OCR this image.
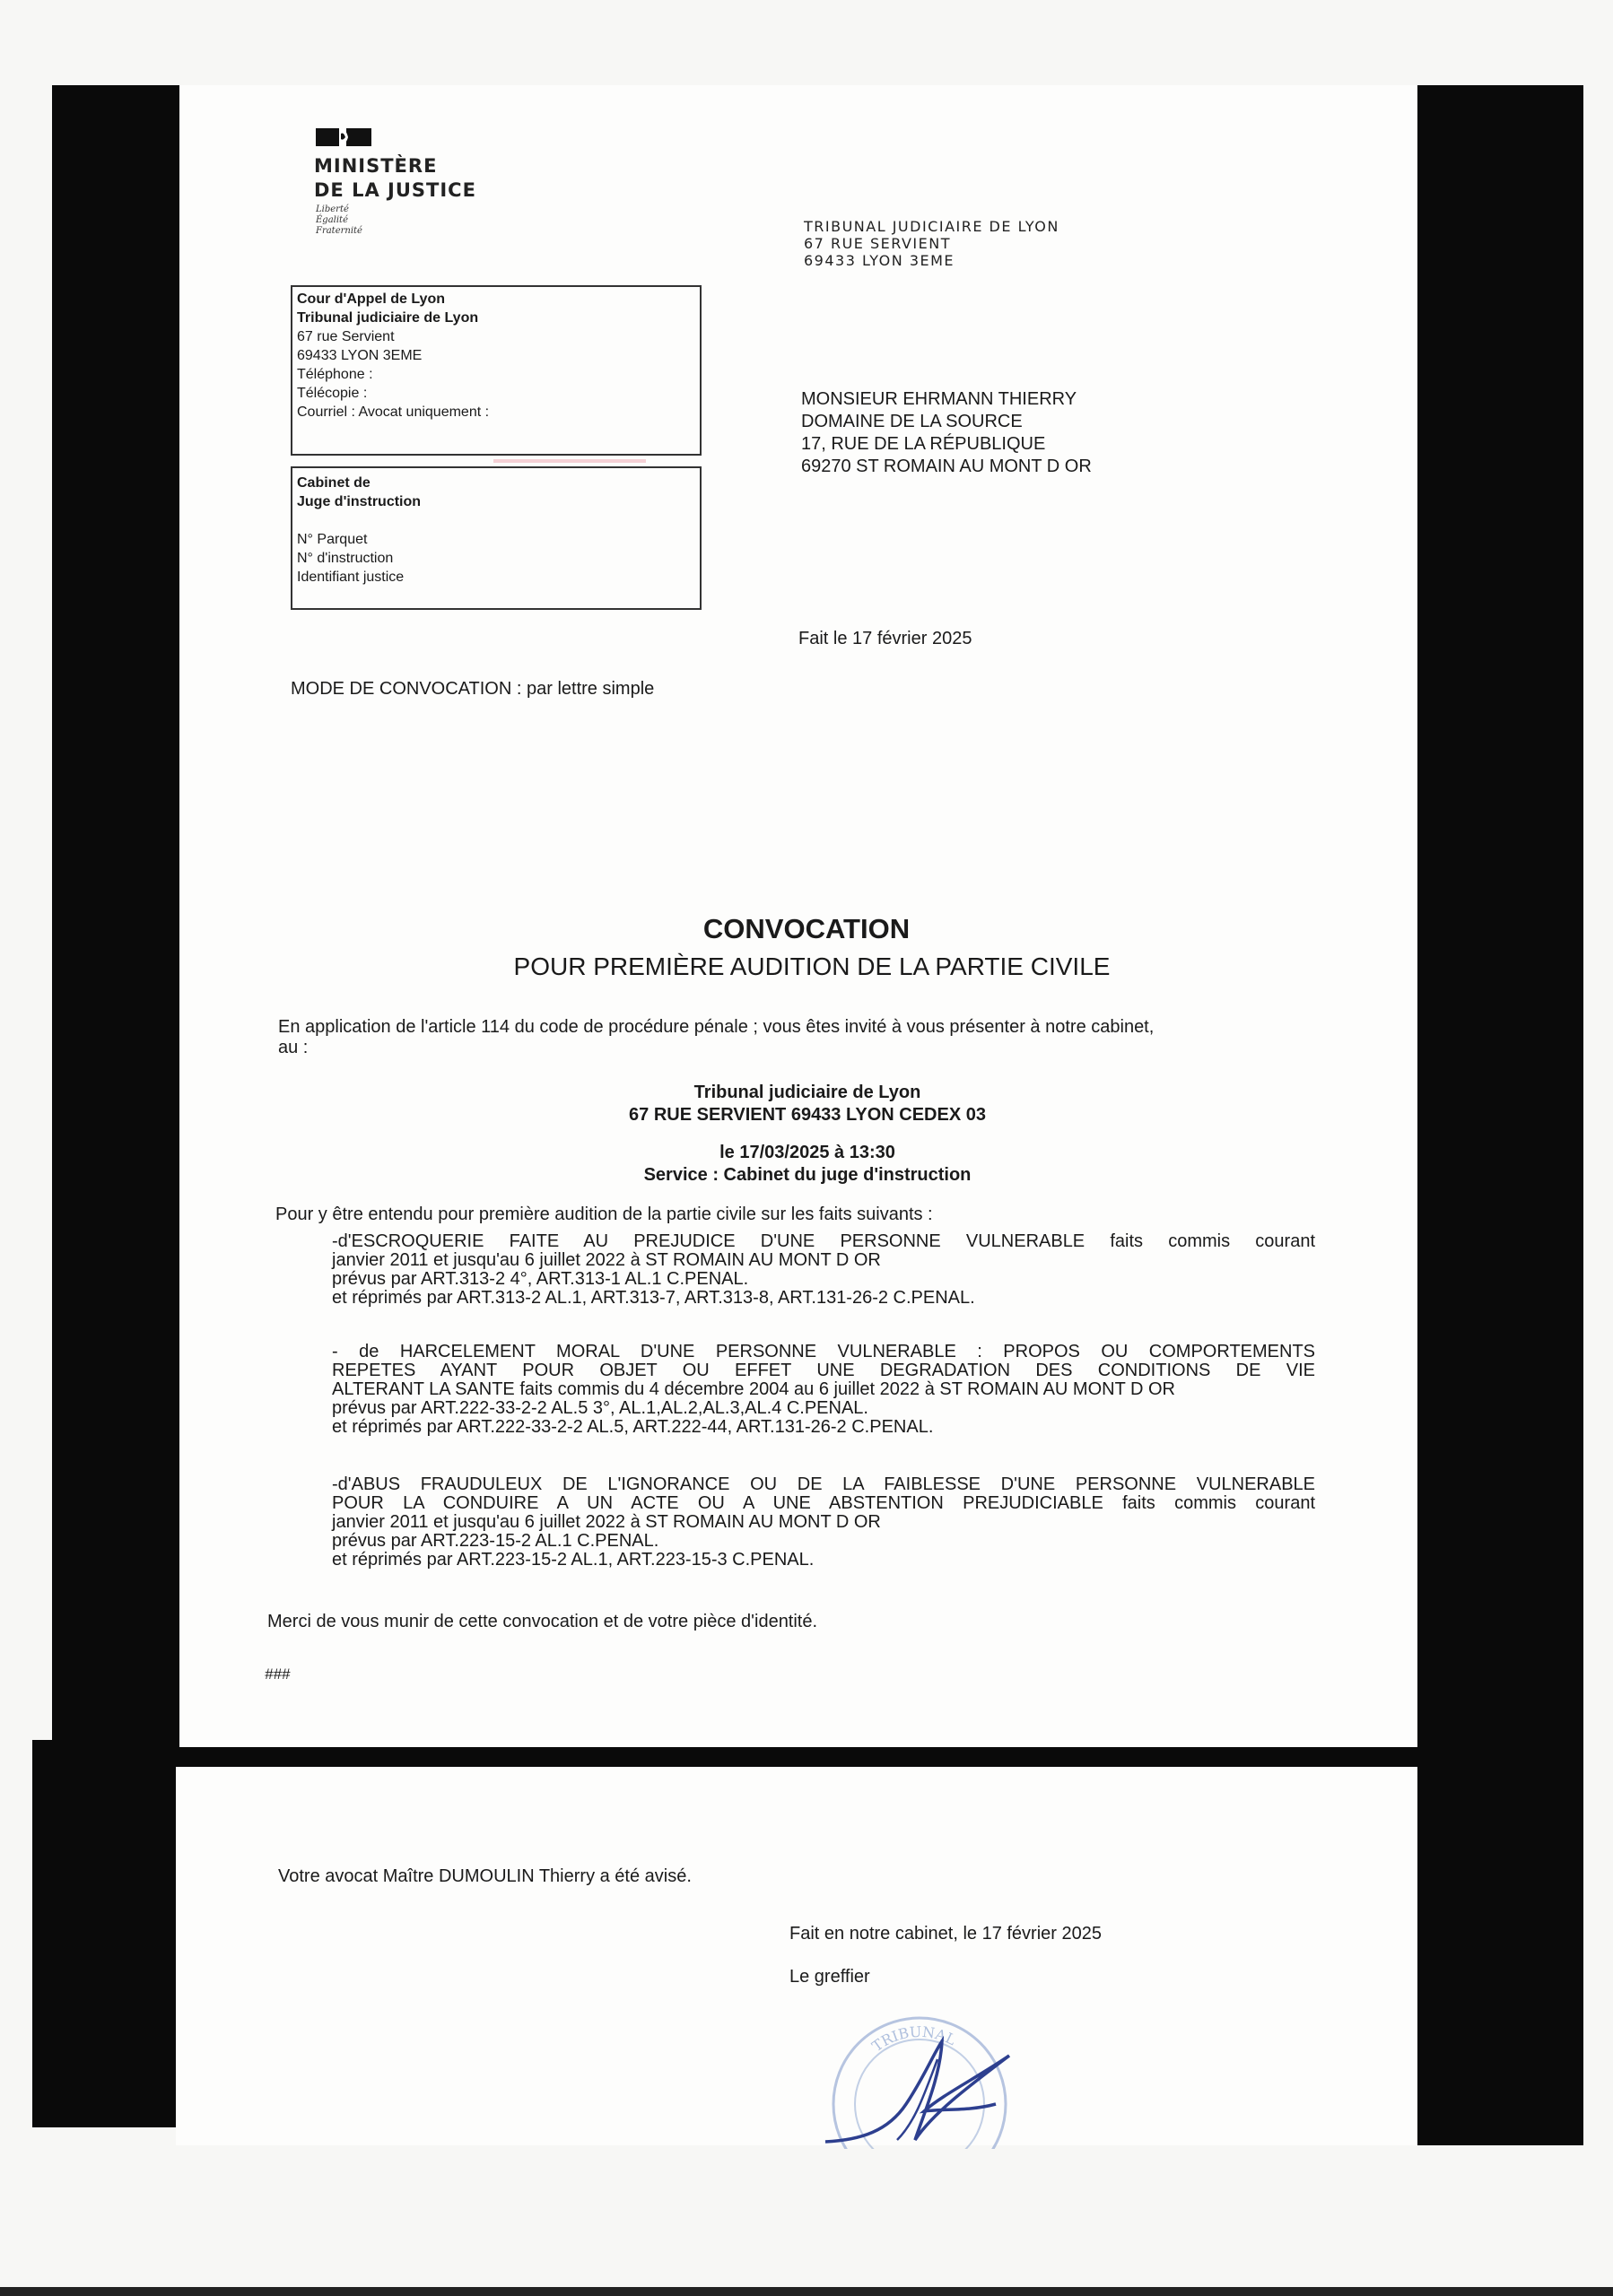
MINISTÈRE
DE LA JUSTICE
Liberté
Égalité
Fraternité	TRIBUNAL JUDICIAIRE DE LYON
67 RUE SERVIENT
69433 LYON 3EME
Cour d'Appel de Lyon
Tribunal judiciaire de Lyon
67 rue Servient
69433 LYON 3EME
Téléphone :
Télécopie :
Courriel : Avocat uniquement :
Cabinet de
Juge d'instruction
N° Parquet
N° d'instruction
Identifiant justice
MONSIEUR EHRMANN THIERRY
DOMAINE DE LA SOURCE
17, RUE DE LA RÉPUBLIQUE
69270 ST ROMAIN AU MONT D OR
Fait le 17 février 2025
MODE DE CONVOCATION : par lettre simple
CONVOCATION
POUR PREMIÈRE AUDITION DE LA PARTIE CIVILE
En application de l'article 114 du code de procédure pénale ; vous êtes invité à vous présenter à notre cabinet,
au :
Tribunal judiciaire de Lyon
67 RUE SERVIENT 69433 LYON CEDEX 03
le 17/03/2025 à 13:30
Service : Cabinet du juge d'instruction
Pour y être entendu pour première audition de la partie civile sur les faits suivants :
-d'ESCROQUERIE FAITE AU PREJUDICE D'UNE PERSONNE VULNERABLE faits commis courant
janvier 2011 et jusqu'au 6 juillet 2022 à ST ROMAIN AU MONT D OR
prévus par ART.313-2 4°, ART.313-1 AL.1 C.PENAL.
et réprimés par ART.313-2 AL.1, ART.313-7, ART.313-8, ART.131-26-2 C.PENAL.
- de HARCELEMENT MORAL D'UNE PERSONNE VULNERABLE : PROPOS OU COMPORTEMENTS
REPETES AYANT POUR OBJET OU EFFET UNE DEGRADATION DES CONDITIONS DE VIE
ALTERANT LA SANTE faits commis du 4 décembre 2004 au 6 juillet 2022 à ST ROMAIN AU MONT D OR
prévus par ART.222-33-2-2 AL.5 3°, AL.1,AL.2,AL.3,AL.4 C.PENAL.
et réprimés par ART.222-33-2-2 AL.5, ART.222-44, ART.131-26-2 C.PENAL.
-d'ABUS FRAUDULEUX DE L'IGNORANCE OU DE LA FAIBLESSE D'UNE PERSONNE VULNERABLE
POUR LA CONDUIRE A UN ACTE OU A UNE ABSTENTION PREJUDICIABLE faits commis courant
janvier 2011 et jusqu'au 6 juillet 2022 à ST ROMAIN AU MONT D OR
prévus par ART.223-15-2 AL.1 C.PENAL.
et réprimés par ART.223-15-2 AL.1, ART.223-15-3 C.PENAL.
Merci de vous munir de cette convocation et de votre pièce d'identité.
###
Votre avocat Maître DUMOULIN Thierry a été avisé.
Fait en notre cabinet, le 17 février 2025
Le greffier
TRIBUNAL
